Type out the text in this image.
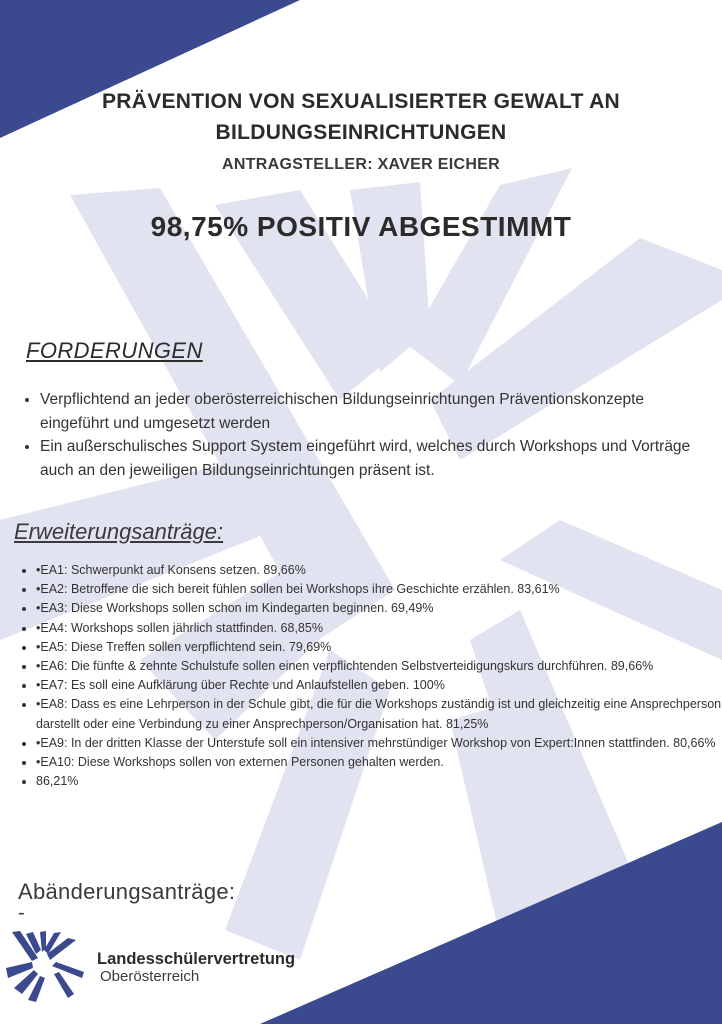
PRÄVENTION VON SEXUALISIERTER GEWALT AN BILDUNGSEINRICHTUNGEN
ANTRAGSTELLER: XAVER EICHER
98,75% POSITIV ABGESTIMMT
FORDERUNGEN
• Verpflichtend an jeder oberösterreichischen Bildungseinrichtungen Präventionskonzepte eingeführt und umgesetzt werden
• Ein außerschulisches Support System eingeführt wird, welches durch Workshops und Vorträge auch an den jeweiligen Bildungseinrichtungen präsent ist.
Erweiterungsanträge:
• •EA1: Schwerpunkt auf Konsens setzen. 89,66%
• •EA2: Betroffene die sich bereit fühlen sollen bei Workshops ihre Geschichte erzählen. 83,61%
• •EA3: Diese Workshops sollen schon im Kindegarten beginnen. 69,49%
• •EA4: Workshops sollen jährlich stattfinden. 68,85%
• •EA5: Diese Treffen sollen verpflichtend sein. 79,69%
• •EA6: Die fünfte & zehnte Schulstufe sollen einen verpflichtenden Selbstverteidigungskurs durchführen. 89,66%
• •EA7: Es soll eine Aufklärung über Rechte und Anlaufstellen geben. 100%
• •EA8: Dass es eine Lehrperson in der Schule gibt, die für die Workshops zuständig ist und gleichzeitig eine Ansprechperson darstellt oder eine Verbindung zu einer Ansprechperson/Organisation hat. 81,25%
• •EA9: In der dritten Klasse der Unterstufe soll ein intensiver mehrstündiger Workshop von Expert:Innen stattfinden. 80,66%
• •EA10: Diese Workshops sollen von externen Personen gehalten werden.
• 86,21%
Abänderungsanträge:
-
Landesschülervertretung
Oberösterreich
